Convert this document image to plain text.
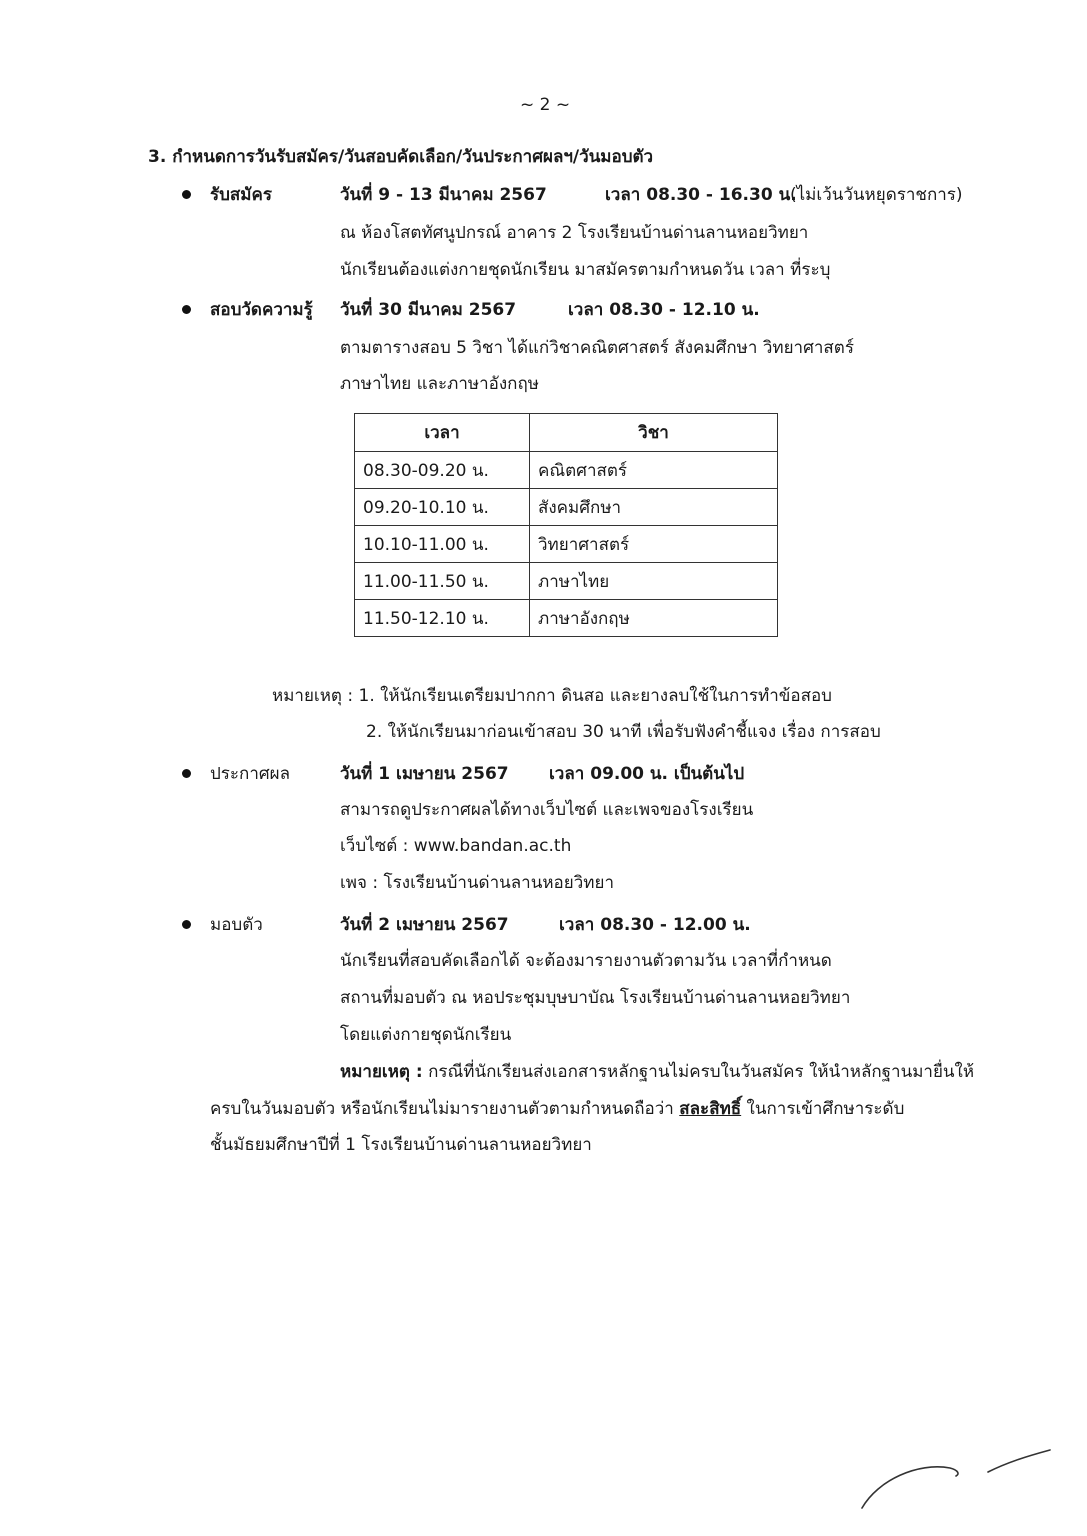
~ 2 ~
3. กำหนดการวันรับสมัคร/วันสอบคัดเลือก/วันประกาศผลฯ/วันมอบตัว
รับสมัคร	วันที่ 9 - 13 มีนาคม 2567	เวลา 08.30 - 16.30 น.
(ไม่เว้นวันหยุดราชการ)
ณ ห้องโสตทัศนูปกรณ์ อาคาร 2 โรงเรียนบ้านด่านลานหอยวิทยา
นักเรียนต้องแต่งกายชุดนักเรียน มาสมัครตามกำหนดวัน เวลา ที่ระบุ
สอบวัดความรู้ วันที่ 30 มีนาคม 2567	เวลา 08.30 - 12.10 น.
ตามตารางสอบ 5 วิชา ได้แก่วิชาคณิตศาสตร์ สังคมศึกษา วิทยาศาสตร์
ภาษาไทย และภาษาอังกฤษ
เวลา	วิชา
08.30-09.20 น.	คณิตศาสตร์
09.20-10.10 น.	สังคมศึกษา
10.10-11.00 น.	วิทยาศาสตร์
11.00-11.50 น.	ภาษาไทย
11.50-12.10 น.	ภาษาอังกฤษ
หมายเหตุ : 1. ให้นักเรียนเตรียมปากกา ดินสอ และยางลบใช้ในการทำข้อสอบ
2. ให้นักเรียนมาก่อนเข้าสอบ 30 นาที เพื่อรับฟังคำชี้แจง เรื่อง การสอบ
ประกาศผล	วันที่ 1 เมษายน 2567 เวลา 09.00 น. เป็นต้นไป
สามารถดูประกาศผลได้ทางเว็บไซต์ และเพจของโรงเรียน
เว็บไซต์ : www.bandan.ac.th
เพจ : โรงเรียนบ้านด่านลานหอยวิทยา
มอบตัว	วันที่ 2 เมษายน 2567	เวลา 08.30 - 12.00 น.
นักเรียนที่สอบคัดเลือกได้ จะต้องมารายงานตัวตามวัน เวลาที่กำหนด
สถานที่มอบตัว ณ หอประชุมบุษบาบัณ โรงเรียนบ้านด่านลานหอยวิทยา
โดยแต่งกายชุดนักเรียน
หมายเหตุ : กรณีที่นักเรียนส่งเอกสารหลักฐานไม่ครบในวันสมัคร ให้นำหลักฐานมายื่นให้
ครบในวันมอบตัว หรือนักเรียนไม่มารายงานตัวตามกำหนดถือว่า สละสิทธิ์ ในการเข้าศึกษาระดับ
ชั้นมัธยมศึกษาปีที่ 1 โรงเรียนบ้านด่านลานหอยวิทยา
